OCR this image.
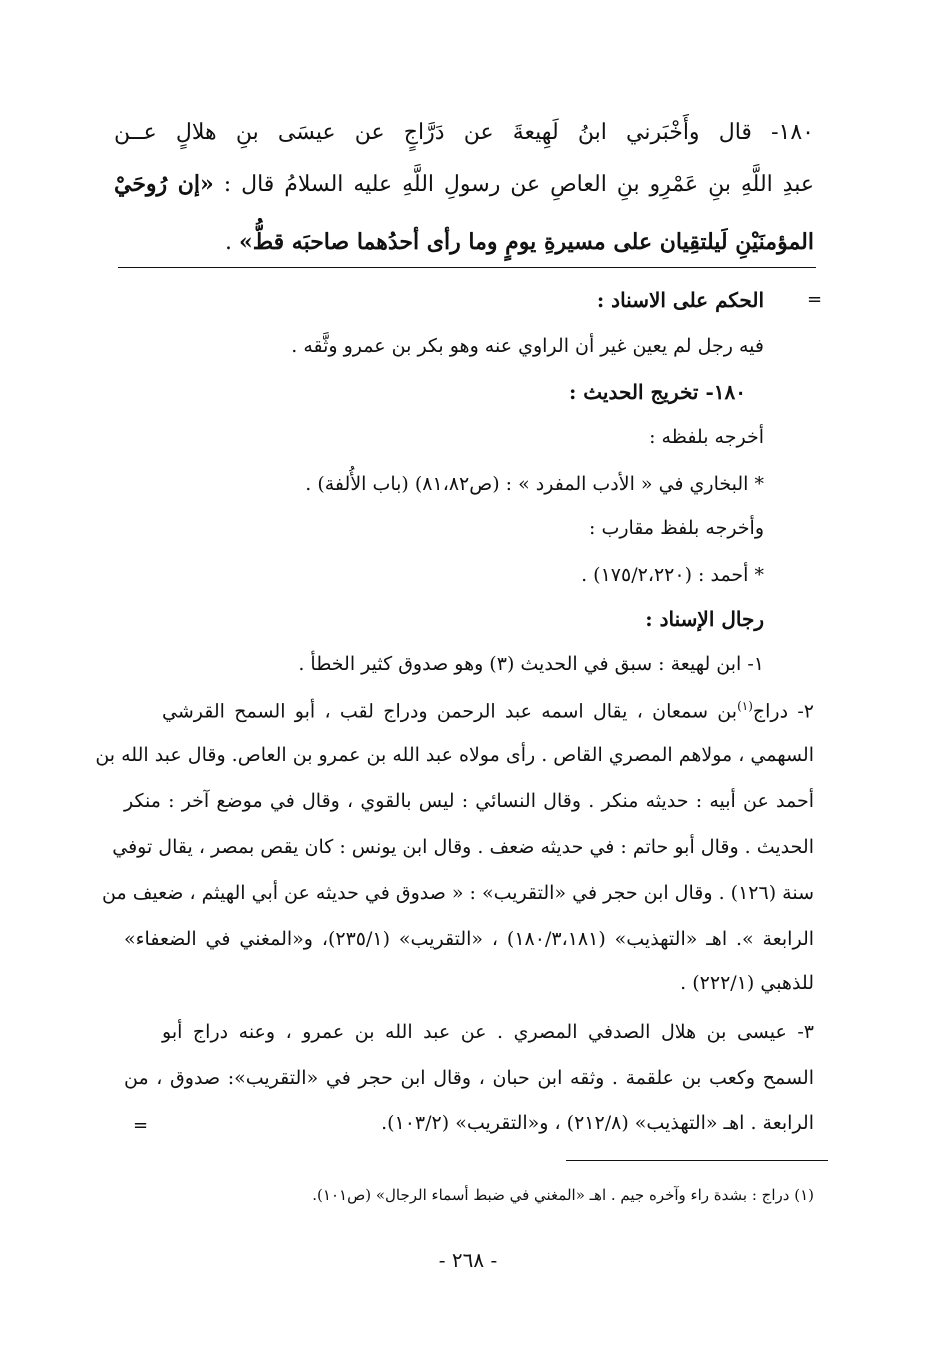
١٨٠- قال وأَخْبَرني ابنُ لَهِيعةَ عن دَرَّاجٍ عن عيسَى بنِ هلالٍ عــن
عبدِ اللَّهِ بنِ عَمْرِو بنِ العاصِ عن رسولِ اللَّهِ عليه السلامُ قال : «إن رُوحَيْ
المؤمنَيْنِ لَيلتقِيان على مسيرةِ يومٍ وما رأى أحدُهما صاحبَه قطُّ» .
=
الحكم على الاسناد :
فيه رجل لم يعين غير أن الراوي عنه وهو بكر بن عمرو وثَّقه .
١٨٠- تخريج الحديث :
أخرجه بلفظه :
* البخاري في « الأدب المفرد » : (ص٨١،٨٢) (باب الأُلفة) .
وأخرجه بلفظ مقارب :
* أحمد : (١٧٥/٢،٢٢٠) .
رجال الإسناد :
١- ابن لهيعة : سبق في الحديث (٣) وهو صدوق كثير الخطأ .
٢- دراج$^{(١)}$بن سمعان ، يقال اسمه عبد الرحمن ودراج لقب ، أبو السمح القرشي
السهمي ، مولاهم المصري القاص . رأى مولاه عبد الله بن عمرو بن العاص. وقال عبد الله بن
أحمد عن أبيه : حديثه منكر . وقال النسائي : ليس بالقوي ، وقال في موضع آخر : منكر
الحديث . وقال أبو حاتم : في حديثه ضعف . وقال ابن يونس : كان يقص بمصر ، يقال توفي
سنة (١٢٦) . وقال ابن حجر في «التقريب» : « صدوق في حديثه عن أبي الهيثم ، ضعيف من
الرابعة ». اهـ «التهذيب» (١٨٠/٣،١٨١) ، «التقريب» (٢٣٥/١)، و«المغني في الضعفاء»
للذهبي (٢٢٢/١) .
٣- عيسى بن هلال الصدفي المصري . عن عبد الله بن عمرو ، وعنه دراج أبو
السمح وكعب بن علقمة . وثقه ابن حبان ، وقال ابن حجر في «التقريب»: صدوق ، من
الرابعة . اهـ «التهذيب» (٢١٢/٨) ، و«التقريب» (١٠٣/٢).
=
(١) دراج : بشدة راء وآخره جيم . اهـ «المغني في ضبط أسماء الرجال» (ص١٠١).
- ٢٦٨ -
